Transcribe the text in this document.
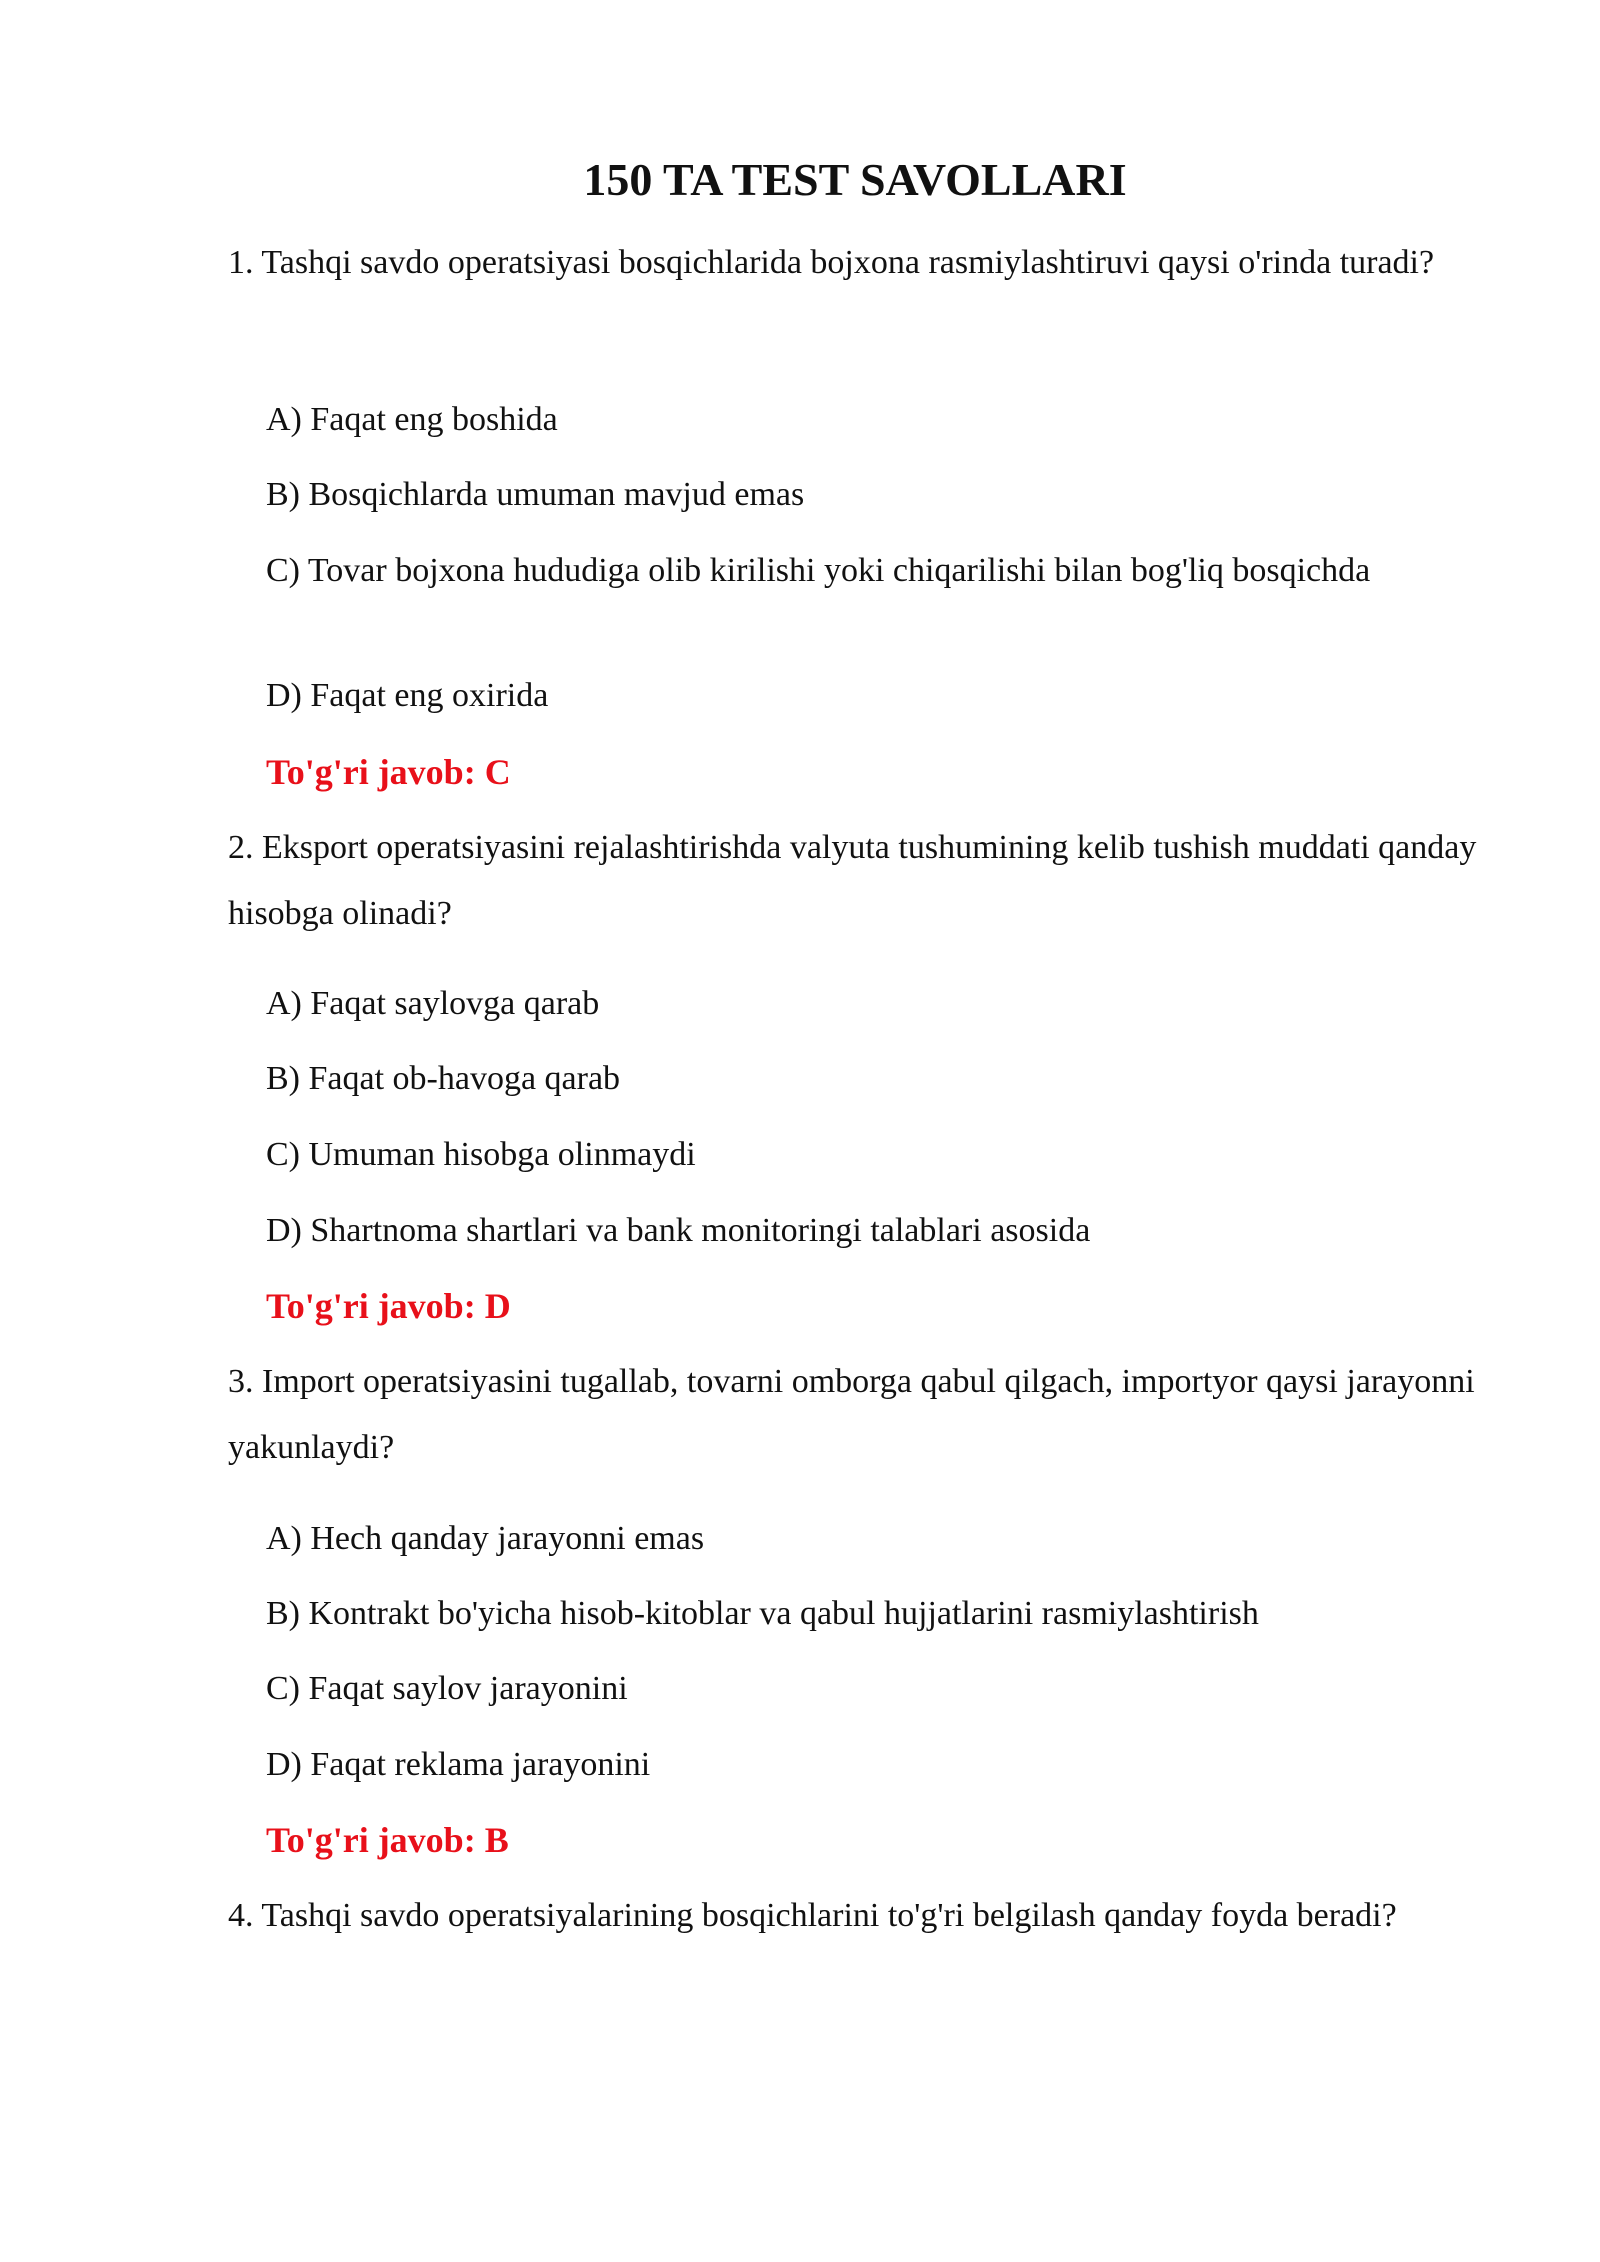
150 TA TEST SAVOLLARI

1. Tashqi savdo operatsiyasi bosqichlarida bojxona rasmiylashtiruvi qaysi o'rinda turadi?

A) Faqat eng boshida

B) Bosqichlarda umuman mavjud emas

C) Tovar bojxona hududiga olib kirilishi yoki chiqarilishi bilan bog'liq bosqichda

D) Faqat eng oxirida

To'g'ri javob: C

2. Eksport operatsiyasini rejalashtirishda valyuta tushumining kelib tushish muddati qanday hisobga olinadi?

A) Faqat saylovga qarab

B) Faqat ob-havoga qarab

C) Umuman hisobga olinmaydi

D) Shartnoma shartlari va bank monitoringi talablari asosida

To'g'ri javob: D

3. Import operatsiyasini tugallab, tovarni omborga qabul qilgach, importyor qaysi jarayonni yakunlaydi?

A) Hech qanday jarayonni emas

B) Kontrakt bo'yicha hisob-kitoblar va qabul hujjatlarini rasmiylashtirish

C) Faqat saylov jarayonini

D) Faqat reklama jarayonini

To'g'ri javob: B

4. Tashqi savdo operatsiyalarining bosqichlarini to'g'ri belgilash qanday foyda beradi?
